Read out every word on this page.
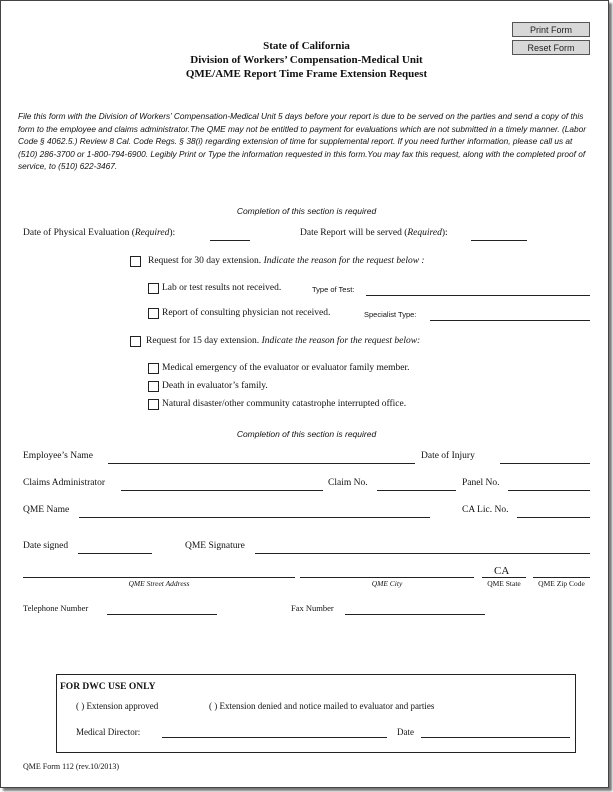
Print Form
Reset Form
State of California
Division of Workers’ Compensation-Medical Unit
QME/AME Report Time Frame Extension Request
File this form with the Division of Workers’ Compensation-Medical Unit 5 days before your report is due to be served on the parties and send a copy of this form to the employee and claims administrator.The QME may not be entitled to payment for evaluations which are not submitted in a timely manner. (Labor Code § 4062.5.) Review 8 Cal. Code Regs. § 38(i) regarding extension of time for supplemental report. If you need further information, please call us at (510) 286-3700 or 1-800-794-6900. Legibly Print or Type the information requested in this form.You may fax this request, along with the completed proof of service, to (510) 622-3467.
Completion of this section is required
Date of Physical Evaluation (Required):	Date Report will be served (Required):
Request for 30 day extension. Indicate the reason for the request below :
Lab or test results not received.	Type of Test:
Report of consulting physician not received.	Specialist Type:
Request for 15 day extension. Indicate the reason for the request below:
Medical emergency of the evaluator or evaluator family member.
Death in evaluator’s family.
Natural disaster/other community catastrophe interrupted office.
Completion of this section is required
Employee’s Name	Date of Injury
Claims Administrator	Claim No.	Panel No.
QME Name	CA Lic. No.
Date signed	QME Signature
CA
QME Street Address	QME City	QME State	QME Zip Code
Telephone Number	Fax Number
FOR DWC USE ONLY
( ) Extension approved	( ) Extension denied and notice mailed to evaluator and parties
Medical Director:	Date
QME Form 112 (rev.10/2013)
